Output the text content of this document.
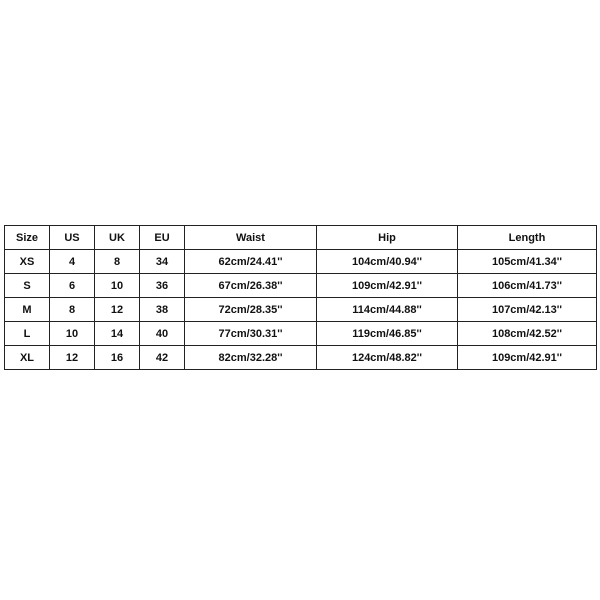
Size	US	UK	EU	Waist	Hip	Length
XS	4	8	34	62cm/24.41''	104cm/40.94''	105cm/41.34''
S	6	10	36	67cm/26.38''	109cm/42.91''	106cm/41.73''
M	8	12	38	72cm/28.35''	114cm/44.88''	107cm/42.13''
L	10	14	40	77cm/30.31''	119cm/46.85''	108cm/42.52''
XL	12	16	42	82cm/32.28''	124cm/48.82''	109cm/42.91''
